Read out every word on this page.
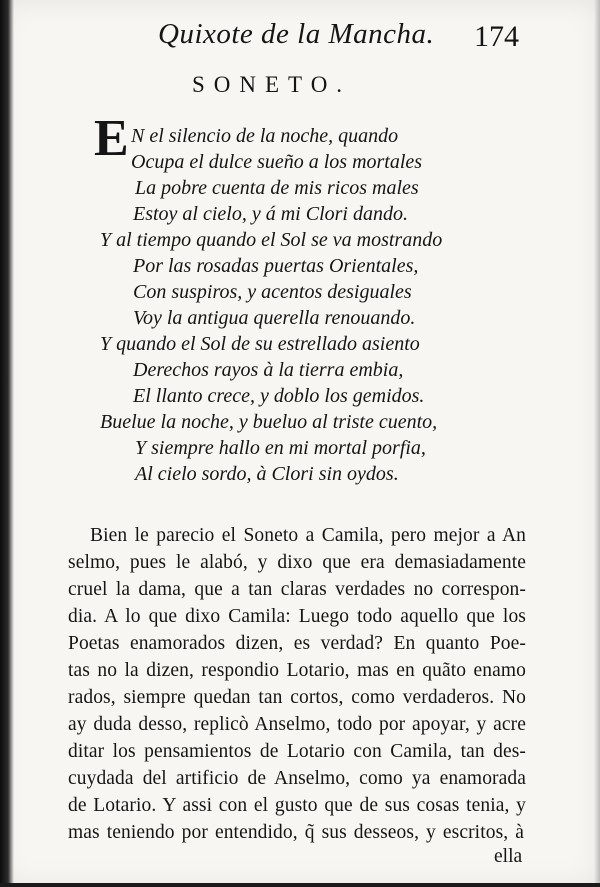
Quixote de la Mancha. 174
SONETO.
E N el silencio de la noche, quando
Ocupa el dulce sueño a los mortales
La pobre cuenta de mis ricos males
Estoy al cielo, y á mi Clori dando.
Y al tiempo quando el Sol se va mostrando
Por las rosadas puertas Orientales,
Con suspiros, y acentos desiguales
Voy la antigua querella renouando.
Y quando el Sol de su estrellado asiento
Derechos rayos à la tierra embia,
El llanto crece, y doblo los gemidos.
Buelue la noche, y bueluo al triste cuento,
Y siempre hallo en mi mortal porfia,
Al cielo sordo, à Clori sin oydos.
Bien le parecio el Soneto a Camila, pero mejor a An
selmo, pues le alabó, y dixo que era demasiadamente
cruel la dama, que a tan claras verdades no correspon-
dia. A lo que dixo Camila: Luego todo aquello que los
Poetas enamorados dizen, es verdad? En quanto Poe-
tas no la dizen, respondio Lotario, mas en quãto enamo
rados, siempre quedan tan cortos, como verdaderos. No
ay duda desso, replicò Anselmo, todo por apoyar, y acre
ditar los pensamientos de Lotario con Camila, tan des-
cuydada del artificio de Anselmo, como ya enamorada
de Lotario. Y assi con el gusto que de sus cosas tenia, y
mas teniendo por entendido, q̃ sus desseos, y escritos, à
ella
